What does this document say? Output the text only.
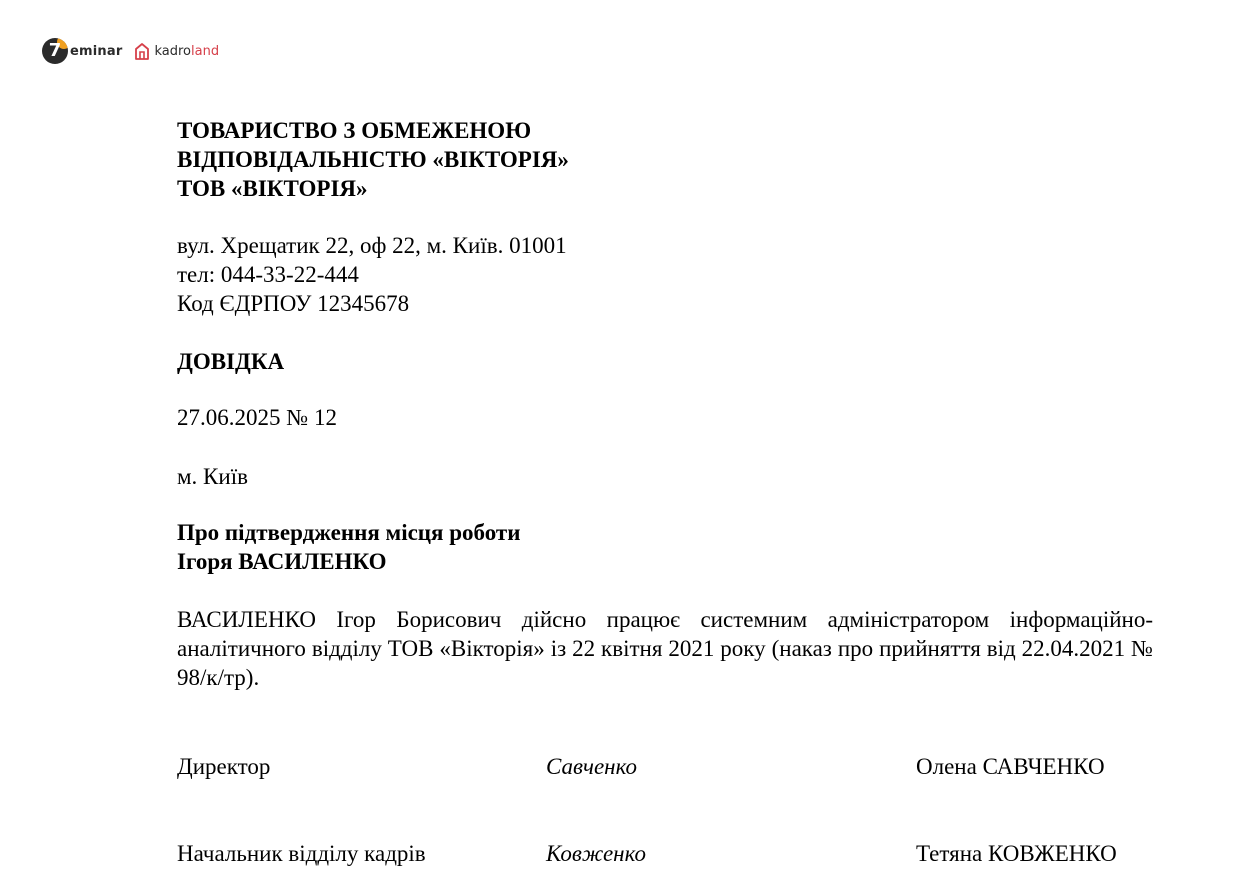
7 eminar kadroland
ТОВАРИСТВО З ОБМЕЖЕНОЮ
ВІДПОВІДАЛЬНІСТЮ «ВІКТОРІЯ»
ТОВ «ВІКТОРІЯ»
вул. Хрещатик 22, оф 22, м. Київ. 01001
тел: 044-33-22-444
Код ЄДРПОУ 12345678
ДОВІДКА
27.06.2025 № 12
м. Київ
Про підтвердження місця роботи
Ігоря ВАСИЛЕНКО
ВАСИЛЕНКО Ігор Борисович дійсно працює системним адміністратором інформаційно-аналітичного відділу ТОВ «Вікторія» із 22 квітня 2021 року (наказ про прийняття від 22.04.2021 № 98/к/тр).
Директор	Савченко	Олена САВЧЕНКО
Начальник відділу кадрів	Ковженко	Тетяна КОВЖЕНКО
